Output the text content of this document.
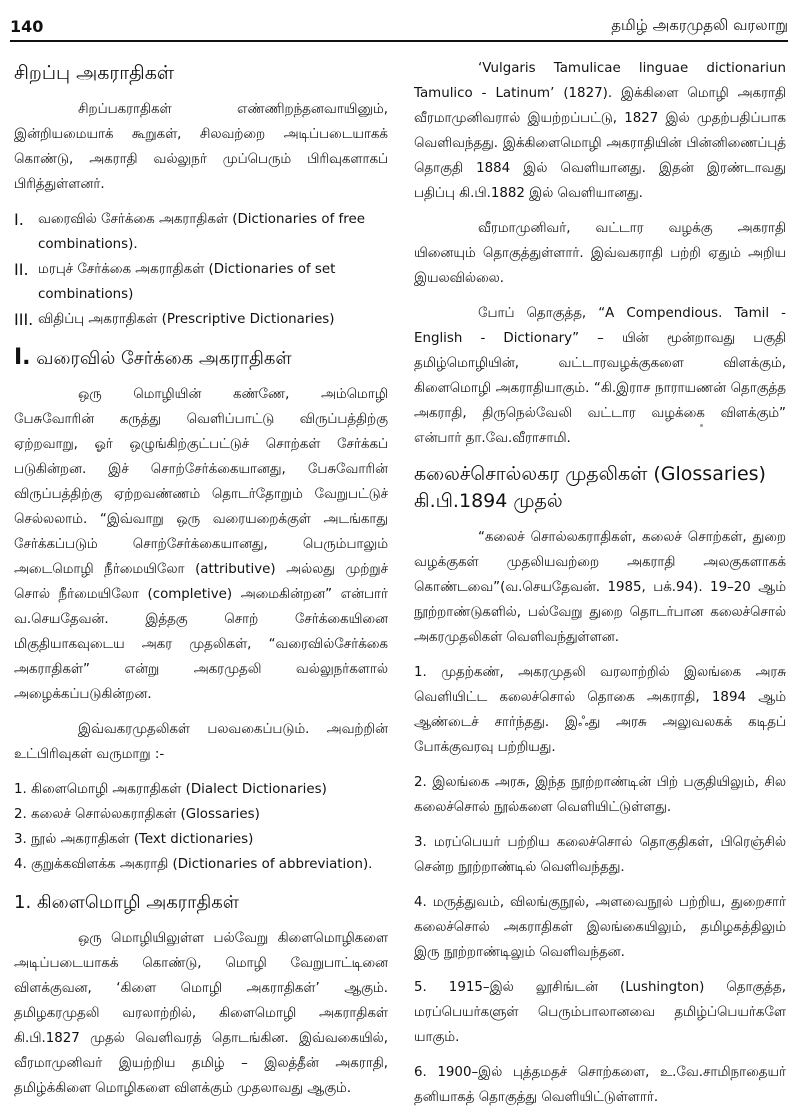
140	தமிழ் அகரமுதலி வரலாறு
சிறப்பு அகராதிகள்

சிறப்பகராதிகள் எண்ணிறந்தனவாயினும், இன்றியமையாக் கூறுகள், சிலவற்றை அடிப்படையாகக் கொண்டு, அகராதி வல்லுநர் முப்பெரும் பிரிவுகளாகப் பிரித்துள்ளனர்.

I.	வரைவில் சேர்க்கை அகராதிகள் (Dictionaries of free combinations).
II. மரபுச் சேர்க்கை அகராதிகள் (Dictionaries of set combinations)
III. விதிப்பு அகராதிகள் (Prescriptive Dictionaries)
I. வரைவில் சேர்க்கை அகராதிகள்

ஒரு மொழியின் கண்ணே, அம்மொழி பேசுவோரின் கருத்து வெளிப்பாட்டு விருப்பத்திற்கு ஏற்றவாறு, ஓர் ஒழுங்கிற்குட்பட்டுச் சொற்கள் சேர்க்கப் படுகின்றன. இச் சொற்சேர்க்கையானது, பேசுவோரின் விருப்பத்திற்கு ஏற்றவண்ணம் தொடர்தோறும் வேறுபட்டுச் செல்லலாம். “இவ்வாறு ஒரு வரையறைக்குள் அடங்காது சேர்க்கப்படும் சொற்சேர்க்கையானது, பெரும்பாலும் அடைமொழி நீர்மையிலோ (attributive) அல்லது முற்றுச் சொல் நீர்மையிலோ (completive) அமைகின்றன” என்பார் வ.செயதேவன். இத்தகு சொற் சேர்க்கையினை மிகுதியாகவுடைய அகர முதலிகள், “வரைவில்சேர்க்கை அகராதிகள்” என்று அகரமுதலி வல்லுநர்களால் அழைக்கப்படுகின்றன.

இவ்வகரமுதலிகள் பலவகைப்படும். அவற்றின் உட்பிரிவுகள் வருமாறு :-

1. கிளைமொழி அகராதிகள் (Dialect Dictionaries)
2. கலைச் சொல்லகராதிகள் (Glossaries)
3. நூல் அகராதிகள் (Text dictionaries)
4. குறுக்கவிளக்க அகராதி (Dictionaries of abbreviation).
1. கிளைமொழி அகராதிகள்

ஒரு மொழியிலுள்ள பல்வேறு கிளைமொழிகளை அடிப்படையாகக் கொண்டு, மொழி வேறுபாட்டினை விளக்குவன, ‘கிளை மொழி அகராதிகள்’ ஆகும். தமிழகரமுதலி வரலாற்றில், கிளைமொழி அகராதிகள் கி.பி.1827 முதல் வெளிவரத் தொடங்கின. இவ்வகையில், வீரமாமுனிவர் இயற்றிய தமிழ் – இலத்தீன் அகராதி, தமிழ்க்கிளை மொழிகளை விளக்கும் முதலாவது ஆகும்.

‘Vulgaris Tamulicae linguae dictionariun Tamulico - Latinum’ (1827). இக்கிளை மொழி அகராதி வீரமாமுனிவரால் இயற்றப்பட்டு, 1827 இல் முதற்பதிப்பாக வெளிவந்தது. இக்கிளைமொழி அகராதியின் பின்னிணைப்புத் தொகுதி 1884 இல் வெளியானது. இதன் இரண்டாவது பதிப்பு கி.பி.1882 இல் வெளியானது.

வீரமாமுனிவர், வட்டார வழக்கு அகராதி யினையும் தொகுத்துள்ளார். இவ்வகராதி பற்றி ஏதும் அறிய இயலவில்லை.

போப் தொகுத்த, “A Compendious. Tamil - English - Dictionary” – யின் மூன்றாவது பகுதி தமிழ்மொழியின், வட்டாரவழக்குகளை விளக்கும், கிளைமொழி அகராதியாகும். “கி.இராச நாராயணன் தொகுத்த அகராதி, திருநெல்வேலி வட்டார வழக்கை விளக்கும்” என்பார் தா.வே.வீராசாமி.

கலைச்சொல்லகர முதலிகள் (Glossaries) கி.பி.1894 முதல்

“கலைச் சொல்லகராதிகள், கலைச் சொற்கள், துறை வழக்குகள் முதலியவற்றை அகராதி அலகுகளாகக் கொண்டவை”(வ.செயதேவன். 1985, பக்.94). 19–20 ஆம் நூற்றாண்டுகளில், பல்வேறு துறை தொடர்பான கலைச்சொல் அகரமுதலிகள் வெளிவந்துள்ளன.

1. முதற்கண், அகரமுதலி வரலாற்றில் இலங்கை அரசு வெளியிட்ட கலைச்சொல் தொகை அகராதி, 1894 ஆம் ஆண்டைச் சார்ந்தது. இஃது அரசு அலுவலகக் கடிதப் போக்குவரவு பற்றியது.

2. இலங்கை அரசு, இந்த நூற்றாண்டின் பிற் பகுதியிலும், சில கலைச்சொல் நூல்களை வெளியிட்டுள்ளது.

3. மரப்பெயர் பற்றிய கலைச்சொல் தொகுதிகள், பிரெஞ்சில் சென்ற நூற்றாண்டில் வெளிவந்தது.

4. மருத்துவம், விலங்குநூல், அளவைநூல் பற்றிய, துறைசார் கலைச்சொல் அகராதிகள் இலங்கையிலும், தமிழகத்திலும் இரு நூற்றாண்டிலும் வெளிவந்தன.

5. 1915–இல் லூசிங்டன் (Lushington) தொகுத்த, மரப்பெயர்களுள் பெரும்பாலானவை தமிழ்ப்பெயர்களே யாகும்.

6. 1900–இல் புத்தமதச் சொற்களை, உ.வே.சாமிநாதையர் தனியாகத் தொகுத்து வெளியிட்டுள்ளார்.
